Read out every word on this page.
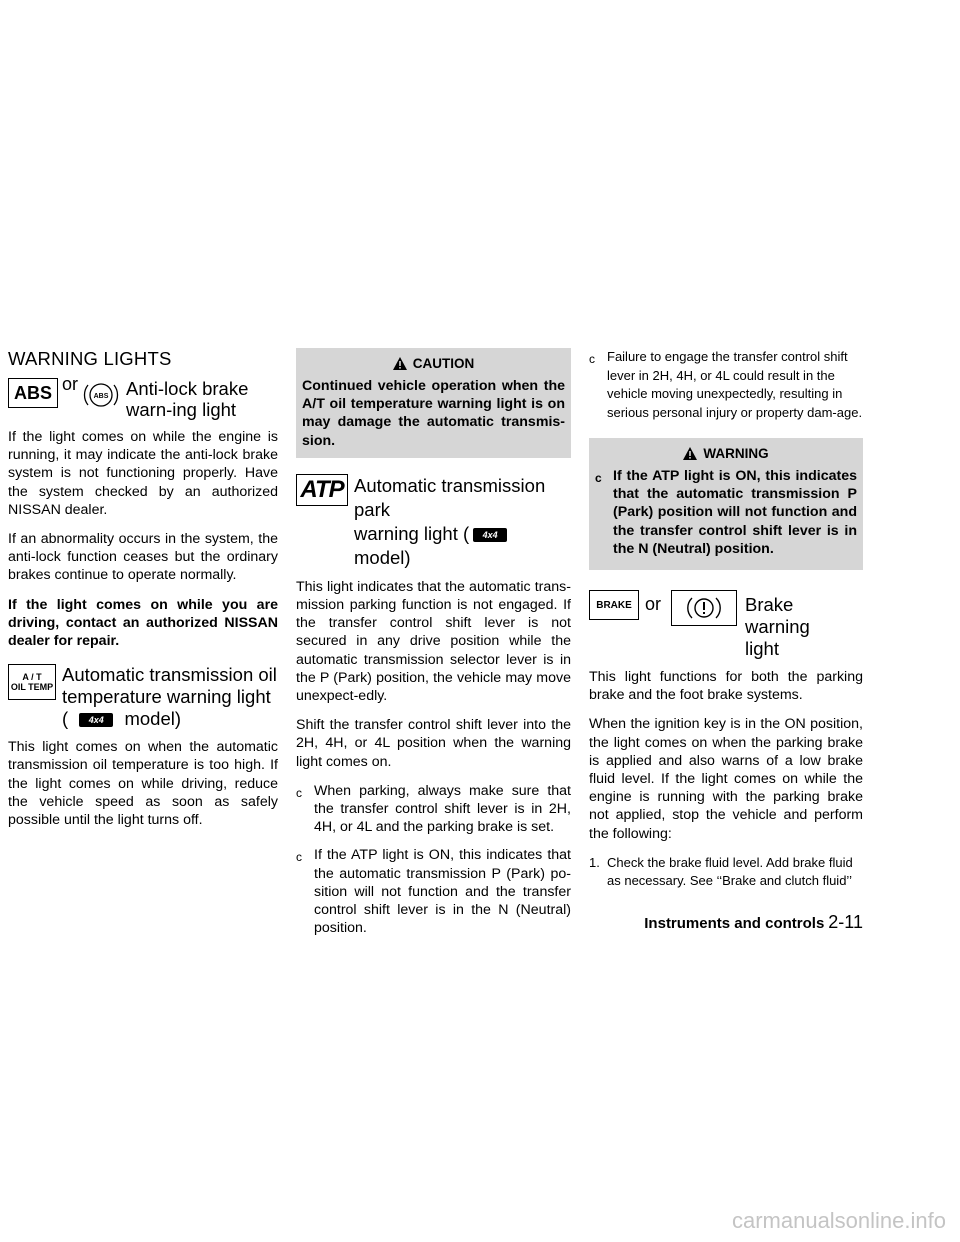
WARNING LIGHTS
ABS or
ABS Anti-lock brake warn-ing light

If the light comes on while the engine is running, it may indicate the anti-lock brake system is not functioning properly. Have the system checked by an authorized NISSAN dealer.

If an abnormality occurs in the system, the anti-lock function ceases but the ordinary brakes continue to operate normally.

If the light comes on while you are driving, contact an authorized NISSAN dealer for repair.

A / T
OIL TEMP
Automatic transmission oil
temperature warning light
( 4x4 model)

This light comes on when the automatic transmission oil temperature is too high. If the light comes on while driving, reduce the vehicle speed as soon as safely possible until the light turns off.

CAUTION
Continued vehicle operation when the A/T oil temperature warning light is on may damage the automatic transmis-sion.
ATP Automatic transmission park
warning light ( 4x4model)

This light indicates that the automatic trans-mission parking function is not engaged. If the transfer control shift lever is not secured in any drive position while the automatic transmission selector lever is in the P (Park) position, the vehicle may move unexpect-edly.

Shift the transfer control shift lever into the 2H, 4H, or 4L position when the warning light comes on.

c When parking, always make sure that the transfer control shift lever is in 2H, 4H, or 4L and the parking brake is set.
c If the ATP light is ON, this indicates that the automatic transmission P (Park) po-sition will not function and the transfer control shift lever is in the N (Neutral) position.
c Failure to engage the transfer control shift lever in 2H, 4H, or 4L could result in the vehicle moving unexpectedly, resulting in serious personal injury or property dam-age.
WARNING
c If the ATP light is ON, this indicates that the automatic transmission P (Park) position will not function and the transfer control shift lever is in the N (Neutral) position.
BRAKE or	Brake warning
light

This light functions for both the parking brake and the foot brake systems.

When the ignition key is in the ON position, the light comes on when the parking brake is applied and also warns of a low brake fluid level. If the light comes on while the engine is running with the parking brake not applied, stop the vehicle and perform the following:

1. Check the brake fluid level. Add brake fluid as necessary. See ‘‘Brake and clutch fluid’’
Instruments and controls 2-11
carmanualsonline.info
